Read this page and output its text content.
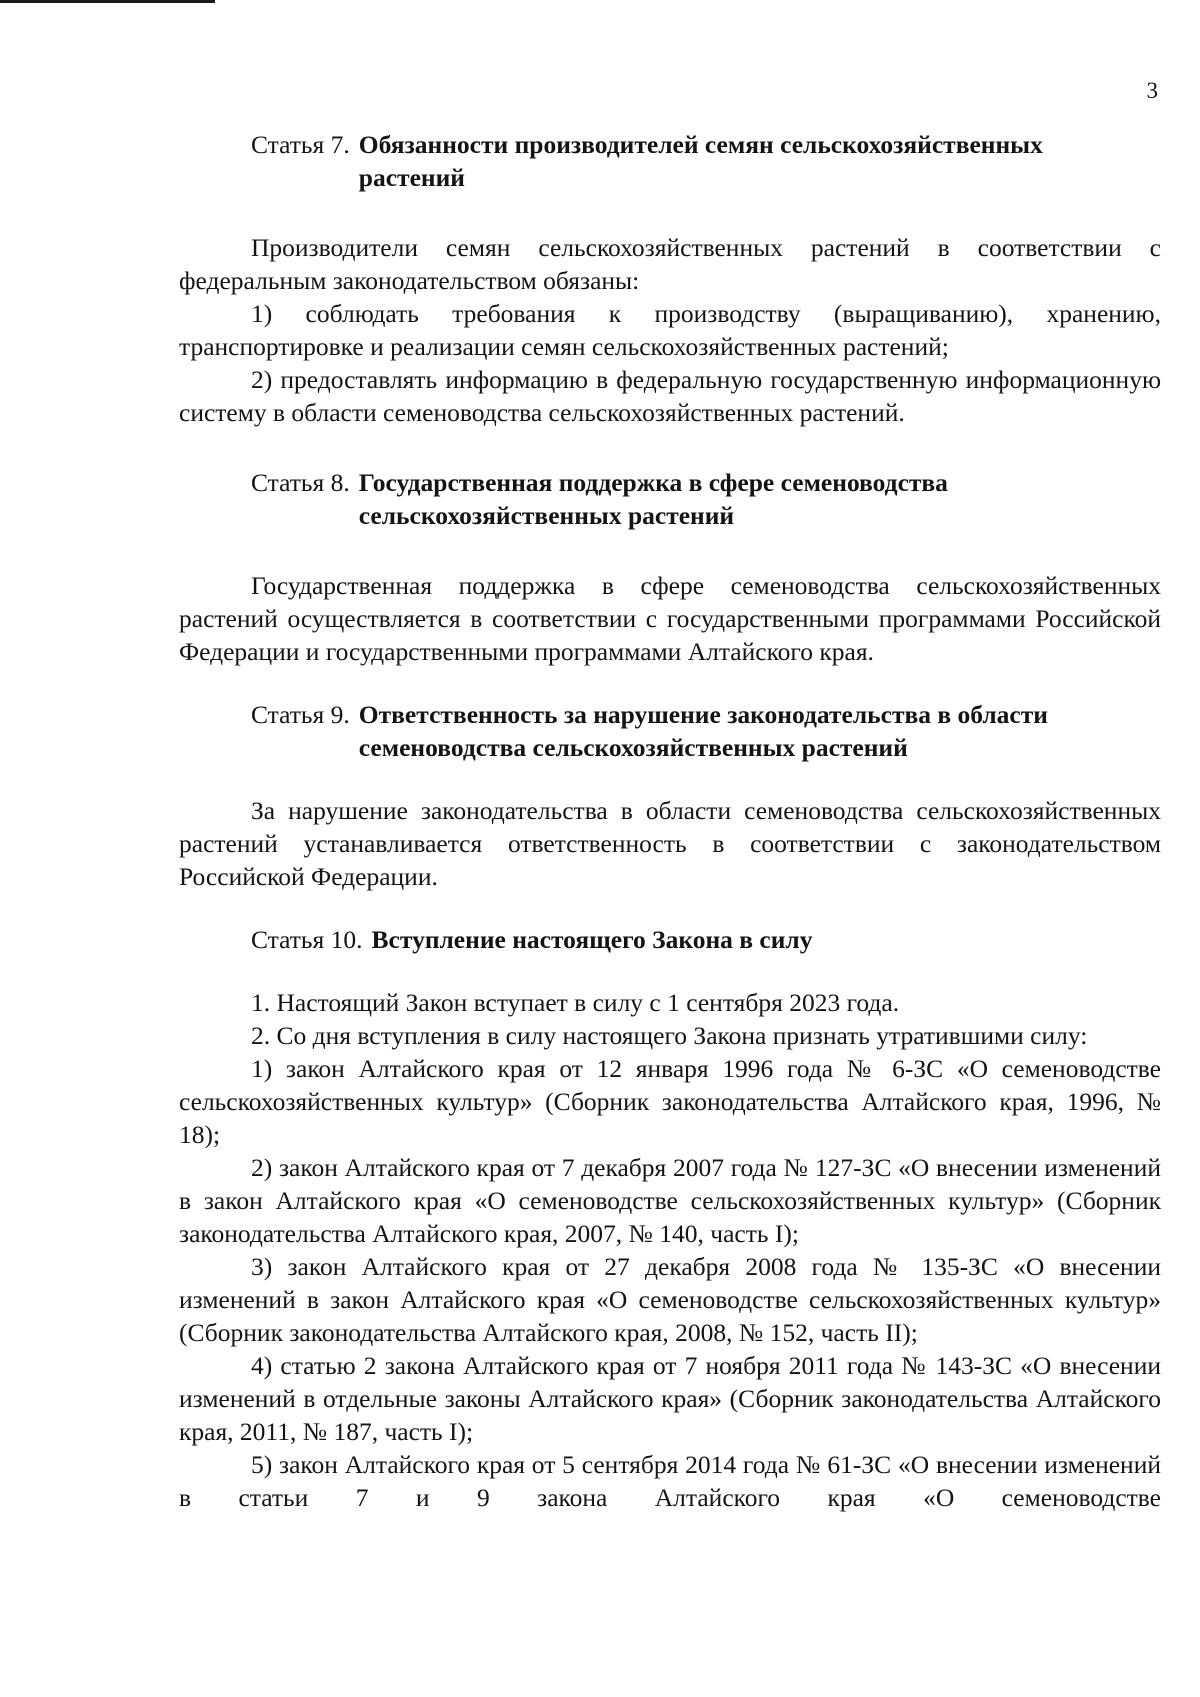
3
Статья 7. Обязанности производителей семян сельскохозяйственных
растений

Производители семян сельскохозяйственных растений в соответствии с федеральным законодательством обязаны:

1) соблюдать требования к производству (выращиванию), хранению, транспортировке и реализации семян сельскохозяйственных растений;

2) предоставлять информацию в федеральную государственную информационную систему в области семеноводства сельскохозяйственных растений.

Статья 8. Государственная поддержка в сфере семеноводства
сельскохозяйственных растений

Государственная поддержка в сфере семеноводства сельскохозяйственных растений осуществляется в соответствии с государственными программами Российской Федерации и государственными программами Алтайского края.

Статья 9. Ответственность за нарушение законодательства в области
семеноводства сельскохозяйственных растений

За нарушение законодательства в области семеноводства сельскохозяйственных растений устанавливается ответственность в соответствии с законодательством Российской Федерации.

Статья 10. Вступление настоящего Закона в силу

1. Настоящий Закон вступает в силу с 1 сентября 2023 года.

2. Со дня вступления в силу настоящего Закона признать утратившими силу:

1) закон Алтайского края от 12 января 1996 года № 6-ЗС «О семеноводстве сельскохозяйственных культур» (Сборник законодательства Алтайского края, 1996, № 18);

2) закон Алтайского края от 7 декабря 2007 года № 127-ЗС «О внесении изменений в закон Алтайского края «О семеноводстве сельскохозяйственных культур» (Сборник законодательства Алтайского края, 2007, № 140, часть I);

3) закон Алтайского края от 27 декабря 2008 года № 135-ЗС «О внесении изменений в закон Алтайского края «О семеноводстве сельскохозяйственных культур» (Сборник законодательства Алтайского края, 2008, № 152, часть II);

4) статью 2 закона Алтайского края от 7 ноября 2011 года № 143-ЗС «О внесении изменений в отдельные законы Алтайского края» (Сборник законодательства Алтайского края, 2011, № 187, часть I);

5) закон Алтайского края от 5 сентября 2014 года № 61-ЗС «О внесении изменений в статьи 7 и 9 закона Алтайского края «О семеноводстве
